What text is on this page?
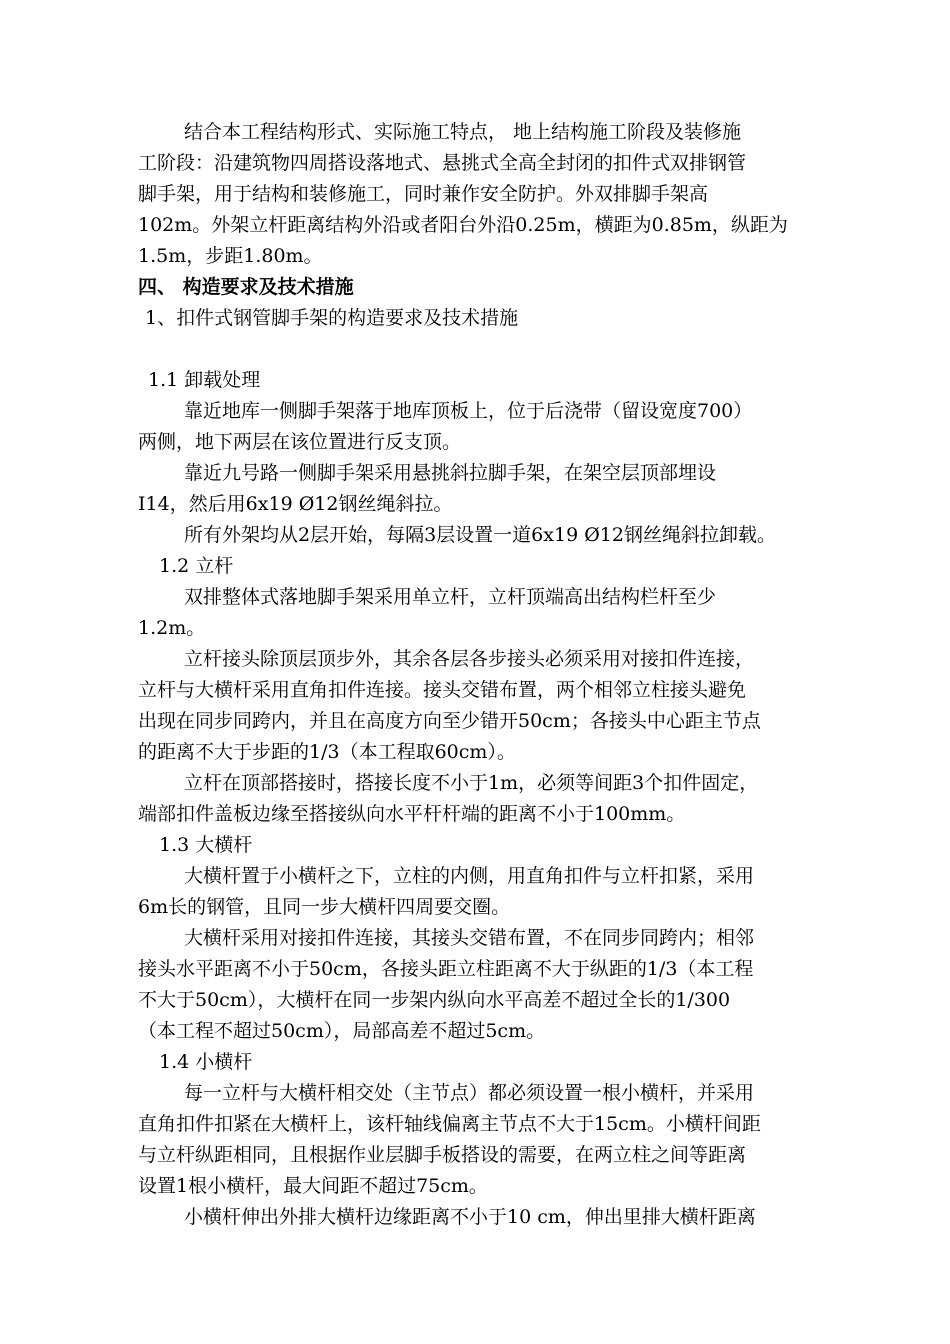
结合本工程结构形式、实际施工特点， 地上结构施工阶段及装修施
工阶段：沿建筑物四周搭设落地式、悬挑式全高全封闭的扣件式双排钢管
脚手架，用于结构和装修施工，同时兼作安全防护。外双排脚手架高
102m。外架立杆距离结构外沿或者阳台外沿0.25m，横距为0.85m，纵距为
1.5m，步距1.80m。
四、 构造要求及技术措施
1、扣件式钢管脚手架的构造要求及技术措施
1.1 卸载处理
靠近地库一侧脚手架落于地库顶板上，位于后浇带（留设宽度700）
两侧，地下两层在该位置进行反支顶。
靠近九号路一侧脚手架采用悬挑斜拉脚手架，在架空层顶部埋设
I14，然后用6x19 Ø12钢丝绳斜拉。
所有外架均从2层开始，每隔3层设置一道6x19 Ø12钢丝绳斜拉卸载。
1.2 立杆
双排整体式落地脚手架采用单立杆，立杆顶端高出结构栏杆至少
1.2m。
立杆接头除顶层顶步外，其余各层各步接头必须采用对接扣件连接，
立杆与大横杆采用直角扣件连接。接头交错布置，两个相邻立柱接头避免
出现在同步同跨内，并且在高度方向至少错开50cm；各接头中心距主节点
的距离不大于步距的1/3（本工程取60cm）。
立杆在顶部搭接时，搭接长度不小于1m，必须等间距3个扣件固定，
端部扣件盖板边缘至搭接纵向水平杆杆端的距离不小于100mm。
1.3 大横杆
大横杆置于小横杆之下，立柱的内侧，用直角扣件与立杆扣紧，采用
6m长的钢管，且同一步大横杆四周要交圈。
大横杆采用对接扣件连接，其接头交错布置，不在同步同跨内；相邻
接头水平距离不小于50cm，各接头距立柱距离不大于纵距的1/3（本工程
不大于50cm），大横杆在同一步架内纵向水平高差不超过全长的1/300
（本工程不超过50cm），局部高差不超过5cm。
1.4 小横杆
每一立杆与大横杆相交处（主节点）都必须设置一根小横杆，并采用
直角扣件扣紧在大横杆上，该杆轴线偏离主节点不大于15cm。小横杆间距
与立杆纵距相同，且根据作业层脚手板搭设的需要，在两立柱之间等距离
设置1根小横杆，最大间距不超过75cm。
小横杆伸出外排大横杆边缘距离不小于10 cm，伸出里排大横杆距离
